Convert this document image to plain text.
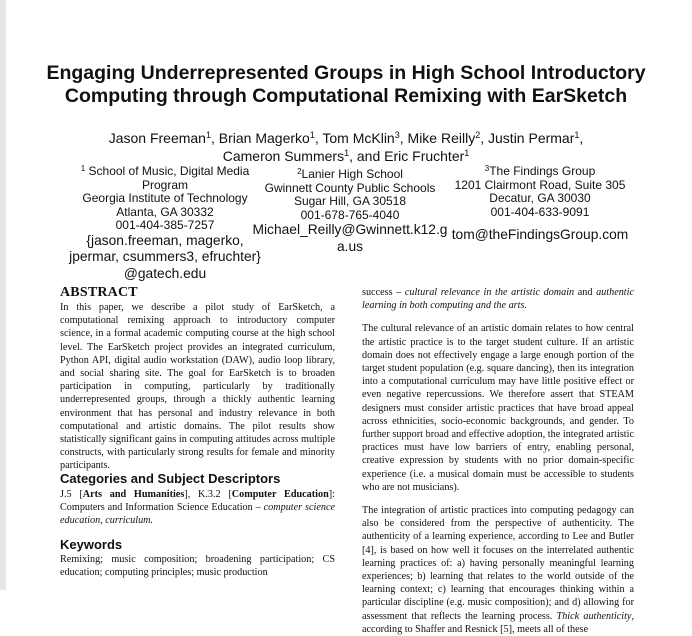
Engaging Underrepresented Groups in High School Introductory Computing through Computational Remixing with EarSketch
Jason Freeman$^1$, Brian Magerko$^1$, Tom McKlin$^3$, Mike Reilly$^2$, Justin Permar$^1$,
Cameron Summers$^1$, and Eric Fruchter$^1$
$^1$ School of Music, Digital Media
Program
Georgia Institute of Technology
Atlanta, GA 30332
001-404-385-7257
{jason.freeman, magerko,
jpermar, csummers3, efruchter}
@gatech.edu
$^2$Lanier High School
Gwinnett County Public Schools
Sugar Hill, GA 30518
001-678-765-4040
Michael_Reilly@Gwinnett.k12.g
a.us
$^3$The Findings Group
1201 Clairmont Road, Suite 305
Decatur, GA 30030
001-404-633-9091
tom@theFindingsGroup.com
ABSTRACT

In this paper, we describe a pilot study of EarSketch, a computational remixing approach to introductory computer science, in a formal academic computing course at the high school level. The EarSketch project provides an integrated curriculum, Python API, digital audio workstation (DAW), audio loop library, and social sharing site. The goal for EarSketch is to broaden participation in computing, particularly by traditionally underrepresented groups, through a thickly authentic learning environment that has personal and industry relevance in both computational and artistic domains. The pilot results show statistically significant gains in computing attitudes across multiple constructs, with particularly strong results for female and minority participants.

Categories and Subject Descriptors

J.5 [Arts and Humanities], K.3.2 [Computer Education]: Computers and Information Science Education – computer science education, curriculum.

Keywords

Remixing; music composition; broadening participation; CS education; computing principles; music production

success – cultural relevance in the artistic domain and authentic learning in both computing and the arts.

The cultural relevance of an artistic domain relates to how central the artistic practice is to the target student culture. If an artistic domain does not effectively engage a large enough portion of the target student population (e.g. square dancing), then its integration into a computational curriculum may have little positive effect or even negative repercussions. We therefore assert that STEAM designers must consider artistic practices that have broad appeal across ethnicities, socio-economic backgrounds, and gender. To further support broad and effective adoption, the integrated artistic practices must have low barriers of entry, enabling personal, creative expression by students with no prior domain-specific experience (i.e. a musical domain must be accessible to students who are not musicians).

The integration of artistic practices into computing pedagogy can also be considered from the perspective of authenticity. The authenticity of a learning experience, according to Lee and Butler [4], is based on how well it focuses on the interrelated authentic learning practices of: a) having personally meaningful learning experiences; b) learning that relates to the world outside of the learning context; c) learning that encourages thinking within a particular discipline (e.g. music composition); and d) allowing for assessment that reflects the learning process. Thick authenticity, according to Shaffer and Resnick [5], meets all of these
